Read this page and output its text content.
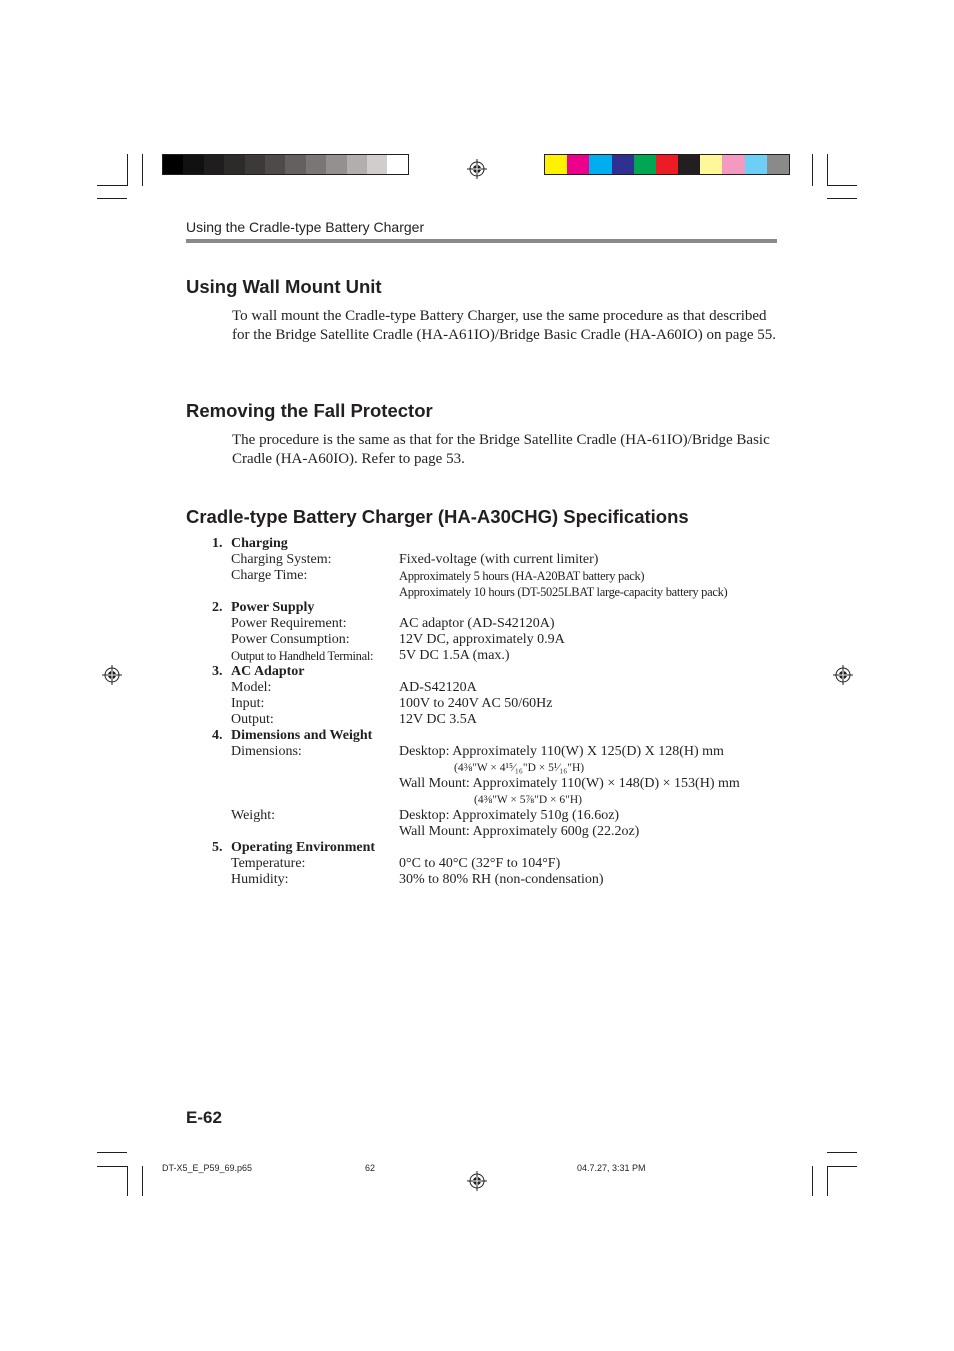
Using the Cradle-type Battery Charger
Using Wall Mount Unit

To wall mount the Cradle-type Battery Charger, use the same procedure as that described for the Bridge Satellite Cradle (HA-A61IO)/Bridge Basic Cradle (HA-A60IO) on page 55.

Removing the Fall Protector

The procedure is the same as that for the Bridge Satellite Cradle (HA-61IO)/Bridge Basic Cradle (HA-A60IO). Refer to page 53.

Cradle-type Battery Charger (HA-A30CHG) Specifications
1. Charging
Charging System:	Fixed-voltage (with current limiter)
Charge Time:	Approximately 5 hours (HA-A20BAT battery pack)
Approximately 10 hours (DT-5025LBAT large-capacity battery pack)
2. Power Supply
Power Requirement:	AC adaptor (AD-S42120A)
Power Consumption:	12V DC, approximately 0.9A
Output to Handheld Terminal: 5V DC 1.5A (max.)
3. AC Adaptor
Model:	AD-S42120A
Input:	100V to 240V AC 50/60Hz
Output:	12V DC 3.5A
4. Dimensions and Weight
Dimensions:	Desktop: Approximately 110(W) X 125(D) X 128(H) mm
(4⅜"W × 4¹⁵⁄₁₆"D × 5¹⁄₁₆"H)
Wall Mount: Approximately 110(W) × 148(D) × 153(H) mm
(4⅜"W × 5⅞"D × 6"H)
Weight:	Desktop: Approximately 510g (16.6oz)
Wall Mount: Approximately 600g (22.2oz)
5. Operating Environment
Temperature:	0°C to 40°C (32°F to 104°F)
Humidity:	30% to 80% RH (non-condensation)
E-62
DT-X5_E_P59_69.p65	62	04.7.27, 3:31 PM
